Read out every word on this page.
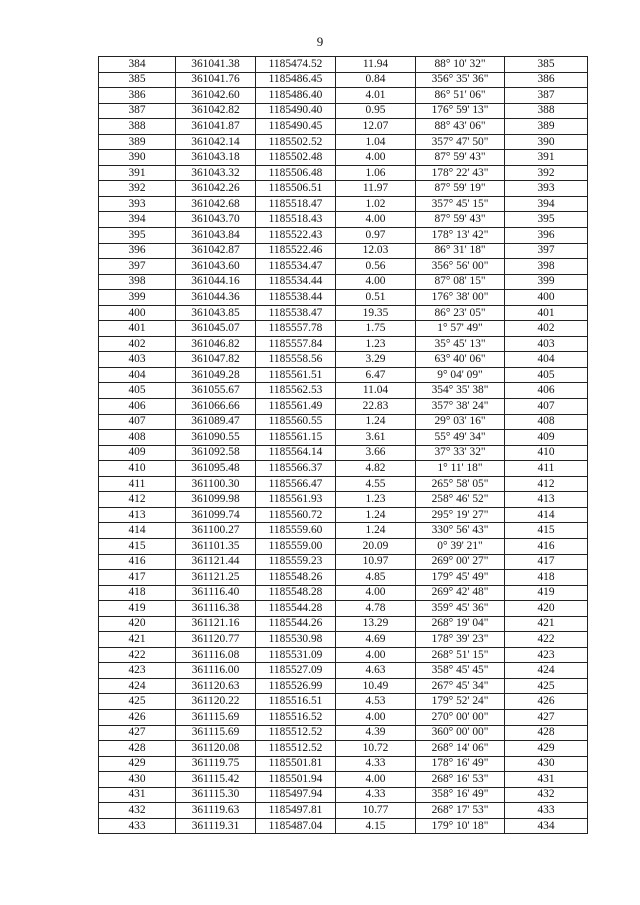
9
384	361041.38	1185474.52	11.94	88° 10' 32"	385
385	361041.76	1185486.45	0.84	356° 35' 36"	386
386	361042.60	1185486.40	4.01	86° 51' 06"	387
387	361042.82	1185490.40	0.95	176° 59' 13"	388
388	361041.87	1185490.45	12.07	88° 43' 06"	389
389	361042.14	1185502.52	1.04	357° 47' 50"	390
390	361043.18	1185502.48	4.00	87° 59' 43"	391
391	361043.32	1185506.48	1.06	178° 22' 43"	392
392	361042.26	1185506.51	11.97	87° 59' 19"	393
393	361042.68	1185518.47	1.02	357° 45' 15"	394
394	361043.70	1185518.43	4.00	87° 59' 43"	395
395	361043.84	1185522.43	0.97	178° 13' 42"	396
396	361042.87	1185522.46	12.03	86° 31' 18"	397
397	361043.60	1185534.47	0.56	356° 56' 00"	398
398	361044.16	1185534.44	4.00	87° 08' 15"	399
399	361044.36	1185538.44	0.51	176° 38' 00"	400
400	361043.85	1185538.47	19.35	86° 23' 05"	401
401	361045.07	1185557.78	1.75	1° 57' 49"	402
402	361046.82	1185557.84	1.23	35° 45' 13"	403
403	361047.82	1185558.56	3.29	63° 40' 06"	404
404	361049.28	1185561.51	6.47	9° 04' 09"	405
405	361055.67	1185562.53	11.04	354° 35' 38"	406
406	361066.66	1185561.49	22.83	357° 38' 24"	407
407	361089.47	1185560.55	1.24	29° 03' 16"	408
408	361090.55	1185561.15	3.61	55° 49' 34"	409
409	361092.58	1185564.14	3.66	37° 33' 32"	410
410	361095.48	1185566.37	4.82	1° 11' 18"	411
411	361100.30	1185566.47	4.55	265° 58' 05"	412
412	361099.98	1185561.93	1.23	258° 46' 52"	413
413	361099.74	1185560.72	1.24	295° 19' 27"	414
414	361100.27	1185559.60	1.24	330° 56' 43"	415
415	361101.35	1185559.00	20.09	0° 39' 21"	416
416	361121.44	1185559.23	10.97	269° 00' 27"	417
417	361121.25	1185548.26	4.85	179° 45' 49"	418
418	361116.40	1185548.28	4.00	269° 42' 48"	419
419	361116.38	1185544.28	4.78	359° 45' 36"	420
420	361121.16	1185544.26	13.29	268° 19' 04"	421
421	361120.77	1185530.98	4.69	178° 39' 23"	422
422	361116.08	1185531.09	4.00	268° 51' 15"	423
423	361116.00	1185527.09	4.63	358° 45' 45"	424
424	361120.63	1185526.99	10.49	267° 45' 34"	425
425	361120.22	1185516.51	4.53	179° 52' 24"	426
426	361115.69	1185516.52	4.00	270° 00' 00"	427
427	361115.69	1185512.52	4.39	360° 00' 00"	428
428	361120.08	1185512.52	10.72	268° 14' 06"	429
429	361119.75	1185501.81	4.33	178° 16' 49"	430
430	361115.42	1185501.94	4.00	268° 16' 53"	431
431	361115.30	1185497.94	4.33	358° 16' 49"	432
432	361119.63	1185497.81	10.77	268° 17' 53"	433
433	361119.31	1185487.04	4.15	179° 10' 18"	434
